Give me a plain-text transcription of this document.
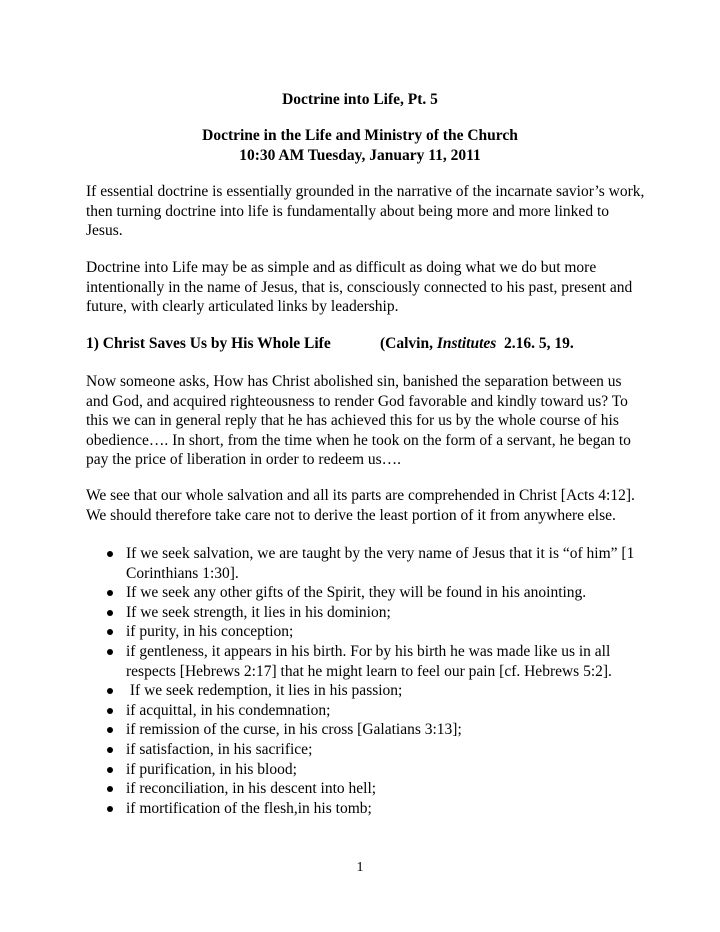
Doctrine into Life, Pt. 5
Doctrine in the Life and Ministry of the Church
10:30 AM Tuesday, January 11, 2011
If essential doctrine is essentially grounded in the narrative of the incarnate savior’s work, then turning doctrine into life is fundamentally about being more and more linked to Jesus.
Doctrine into Life may be as simple and as difficult as doing what we do but more intentionally in the name of Jesus, that is, consciously connected to his past, present and future, with clearly articulated links by leadership.
1) Christ Saves Us by His Whole Life	(Calvin, Institutes  2.16. 5, 19.
Now someone asks, How has Christ abolished sin, banished the separation between us and God, and acquired righteousness to render God favorable and kindly toward us? To this we can in general reply that he has achieved this for us by the whole course of his obedience…. In short, from the time when he took on the form of a servant, he began to pay the price of liberation in order to redeem us….
We see that our whole salvation and all its parts are comprehended in Christ [Acts 4:12]. We should therefore take care not to derive the least portion of it from anywhere else.
If we seek salvation, we are taught by the very name of Jesus that it is “of him” [1 Corinthians 1:30].
If we seek any other gifts of the Spirit, they will be found in his anointing.
If we seek strength, it lies in his dominion;
if purity, in his conception;
if gentleness, it appears in his birth. For by his birth he was made like us in all respects [Hebrews 2:17] that he might learn to feel our pain [cf. Hebrews 5:2].
If we seek redemption, it lies in his passion;
if acquittal, in his condemnation;
if remission of the curse, in his cross [Galatians 3:13];
if satisfaction, in his sacrifice;
if purification, in his blood;
if reconciliation, in his descent into hell;
if mortification of the flesh,in his tomb;
1
